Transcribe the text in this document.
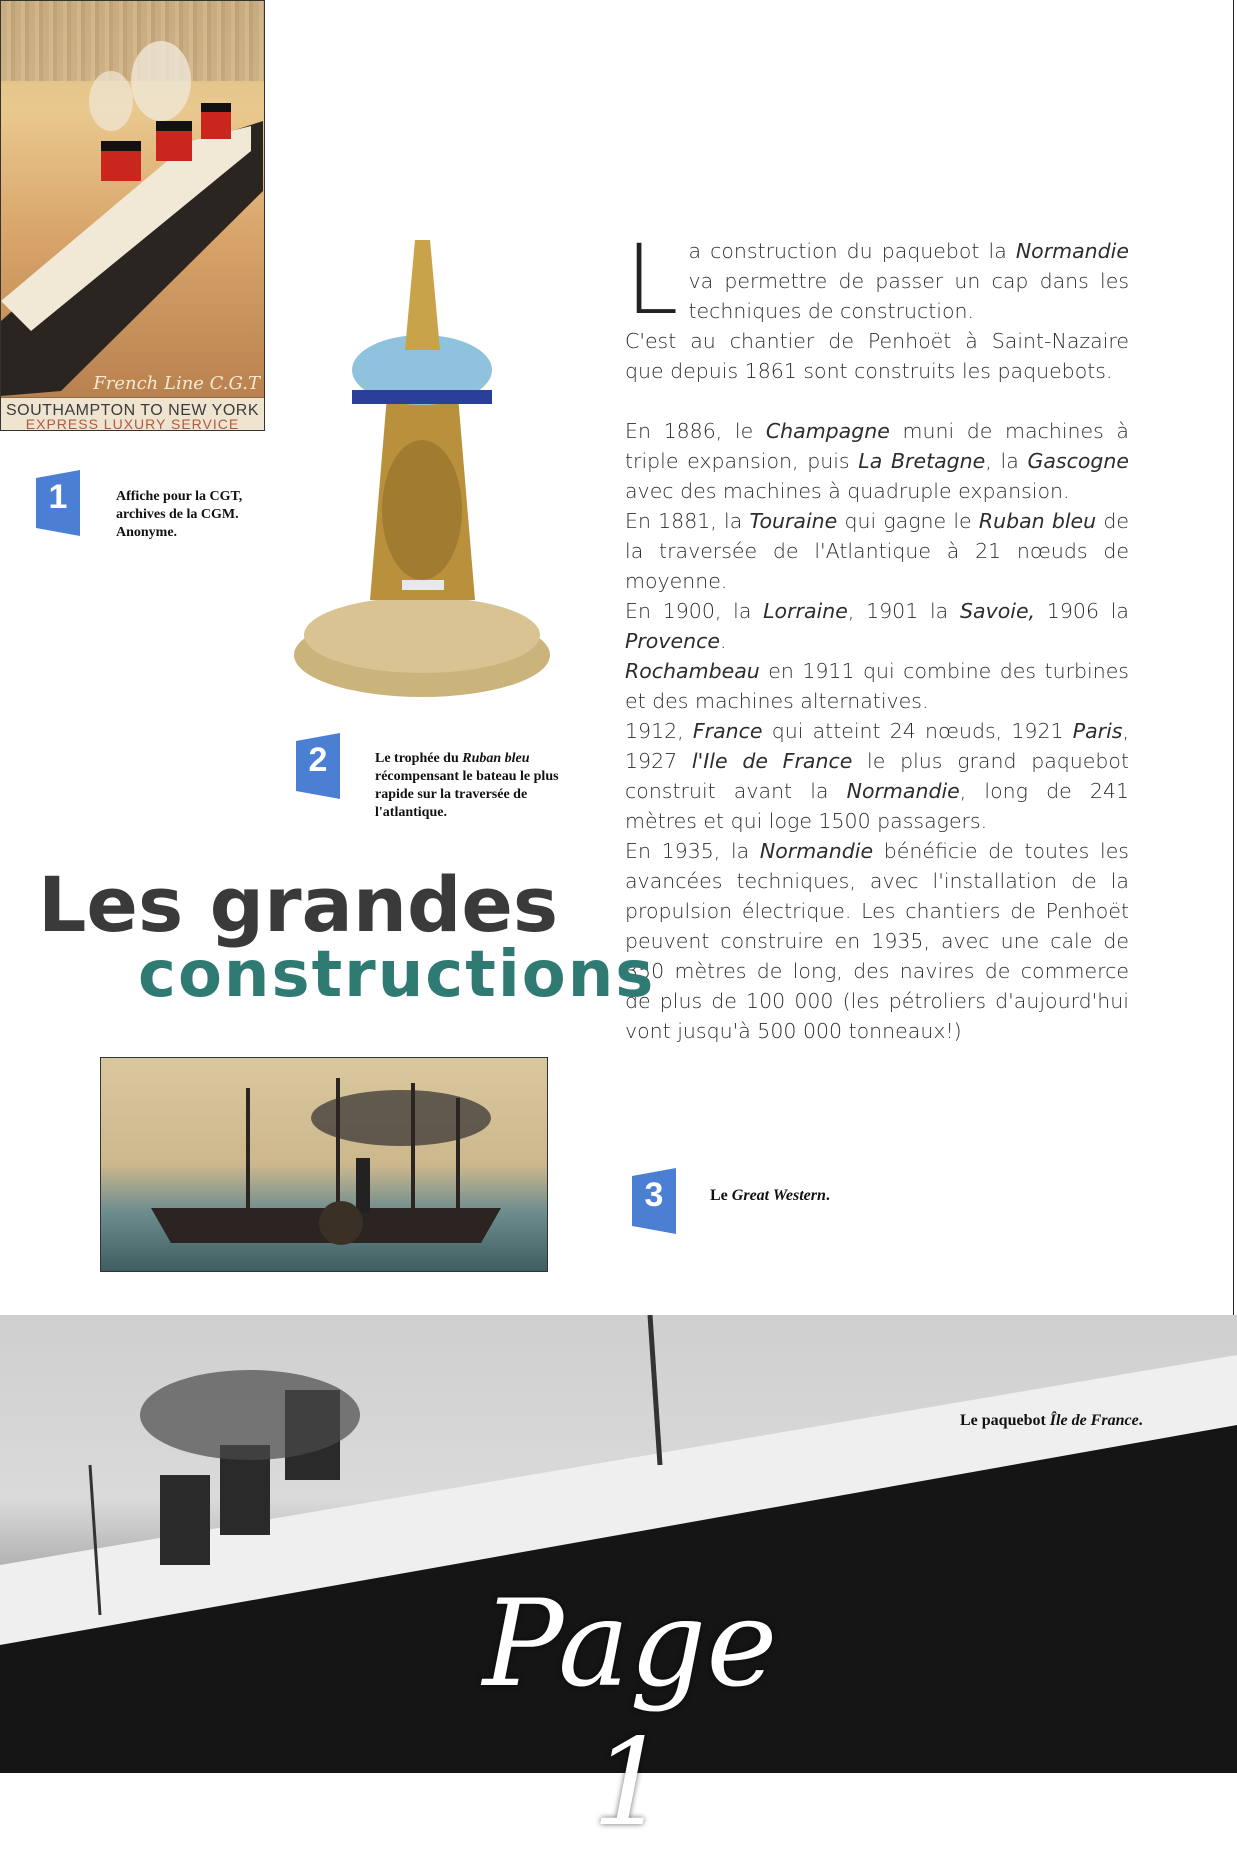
French Line C.G.T
SOUTHAMPTON TO NEW YORK
EXPRESS LUXURY SERVICE
1	Affiche pour la CGT, archives de la CGM. Anonyme.
2	Le trophée du Ruban bleu récompensant le bateau le plus rapide sur la traversée de l'atlantique.
L a construction du paquebot la Normandie va permettre de passer un cap dans les techniques de construction.

C'est au chantier de Penhoët à Saint-Nazaire que depuis 1861 sont construits les paquebots.

En 1886, le Champagne muni de machines à triple expansion, puis La Bretagne, la Gascogne avec des machines à quadruple expansion.

En 1881, la Touraine qui gagne le Ruban bleu de la traversée de l'Atlantique à 21 nœuds de moyenne.

En 1900, la Lorraine, 1901 la Savoie, 1906 la Provence.

Rochambeau en 1911 qui combine des turbines et des machines alternatives.

1912, France qui atteint 24 nœuds, 1921 Paris, 1927 l'Ile de France le plus grand paquebot construit avant la Normandie, long de 241 mètres et qui loge 1500 passagers.

En 1935, la Normandie bénéficie de toutes les avancées techniques, avec l'installation de la propulsion électrique. Les chantiers de Penhoët peuvent construire en 1935, avec une cale de 350 mètres de long, des navires de commerce de plus de 100 000 (les pétroliers d'aujourd'hui vont jusqu'à 500 000 tonneaux!)

Les grandes
constructions
3	Le Great Western.
Le paquebot Île de France.
Page 1
